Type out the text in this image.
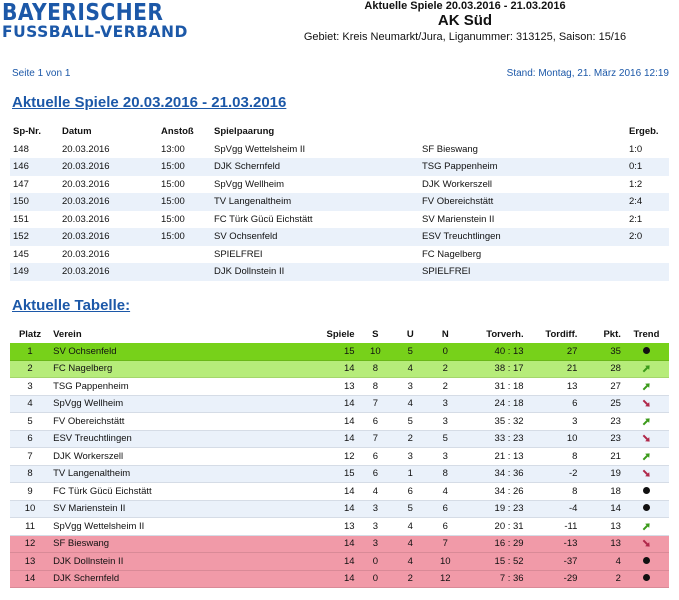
BAYERISCHER
FUSSBALL-VERBAND
Aktuelle Spiele 20.03.2016 - 21.03.2016
AK Süd
Gebiet: Kreis Neumarkt/Jura, Liganummer: 313125, Saison: 15/16
Seite 1 von 1	Stand: Montag, 21. März 2016 12:19
Aktuelle Spiele 20.03.2016 - 21.03.2016
Sp-Nr.	Datum	Anstoß	Spielpaarung		Ergeb.
148	20.03.2016	13:00	SpVgg Wettelsheim II	SF Bieswang	1:0
146	20.03.2016	15:00	DJK Schernfeld	TSG Pappenheim	0:1
147	20.03.2016	15:00	SpVgg Wellheim	DJK Workerszell	1:2
150	20.03.2016	15:00	TV Langenaltheim	FV Obereichstätt	2:4
151	20.03.2016	15:00	FC Türk Gücü Eichstätt	SV Marienstein II	2:1
152	20.03.2016	15:00	SV Ochsenfeld	ESV Treuchtlingen	2:0
145	20.03.2016		SPIELFREI	FC Nagelberg	
149	20.03.2016		DJK Dollnstein II	SPIELFREI	
Aktuelle Tabelle:
Platz	Verein	Spiele	S	U	N	Torverh.	Tordiff.	Pkt.	Trend
1	SV Ochsenfeld	15	10	5	0	40 : 13	27	35	
2	FC Nagelberg	14	8	4	2	38 : 17	21	28	
3	TSG Pappenheim	13	8	3	2	31 : 18	13	27	
4	SpVgg Wellheim	14	7	4	3	24 : 18	6	25	
5	FV Obereichstätt	14	6	5	3	35 : 32	3	23	
6	ESV Treuchtlingen	14	7	2	5	33 : 23	10	23	
7	DJK Workerszell	12	6	3	3	21 : 13	8	21	
8	TV Langenaltheim	15	6	1	8	34 : 36	-2	19	
9	FC Türk Gücü Eichstätt	14	4	6	4	34 : 26	8	18	
10	SV Marienstein II	14	3	5	6	19 : 23	-4	14	
11	SpVgg Wettelsheim II	13	3	4	6	20 : 31	-11	13	
12	SF Bieswang	14	3	4	7	16 : 29	-13	13	
13	DJK Dollnstein II	14	0	4	10	15 : 52	-37	4	
14	DJK Schernfeld	14	0	2	12	7 : 36	-29	2	
